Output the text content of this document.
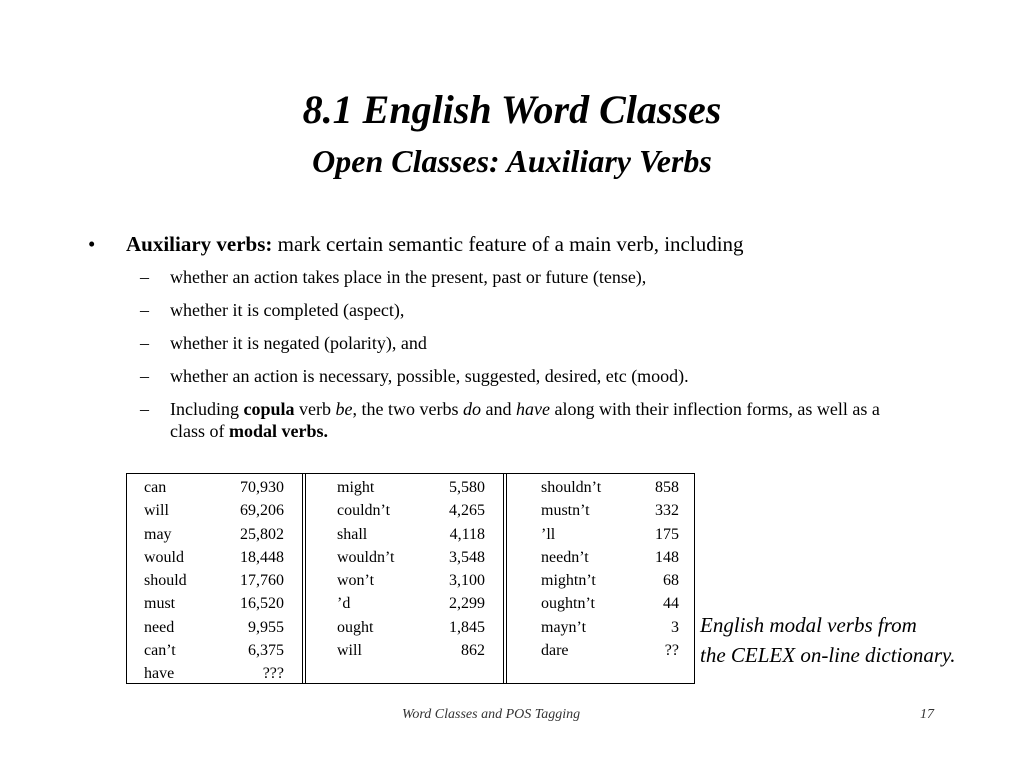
8.1 English Word Classes
Open Classes: Auxiliary Verbs
• Auxiliary verbs: mark certain semantic feature of a main verb, including
– whether an action takes place in the present, past or future (tense),
– whether it is completed (aspect),
– whether it is negated (polarity), and
– whether an action is necessary, possible, suggested, desired, etc (mood).
– Including copula verb be, the two verbs do and have along with their inflection forms, as well as a class of modal verbs.
can	70,930
will	69,206
may	25,802
would	18,448
should	17,760
must	16,520
need	9,955
can’t	6,375
have	???
might	5,580
couldn’t	4,265
shall	4,118
wouldn’t	3,548
won’t	3,100
’d	2,299
ought	1,845
will	862
shouldn’t	858
mustn’t	332
’ll	175
needn’t	148
mightn’t	68
oughtn’t	44
mayn’t	3
dare	??
English modal verbs from
the CELEX on-line dictionary.
Word Classes and POS Tagging	17
